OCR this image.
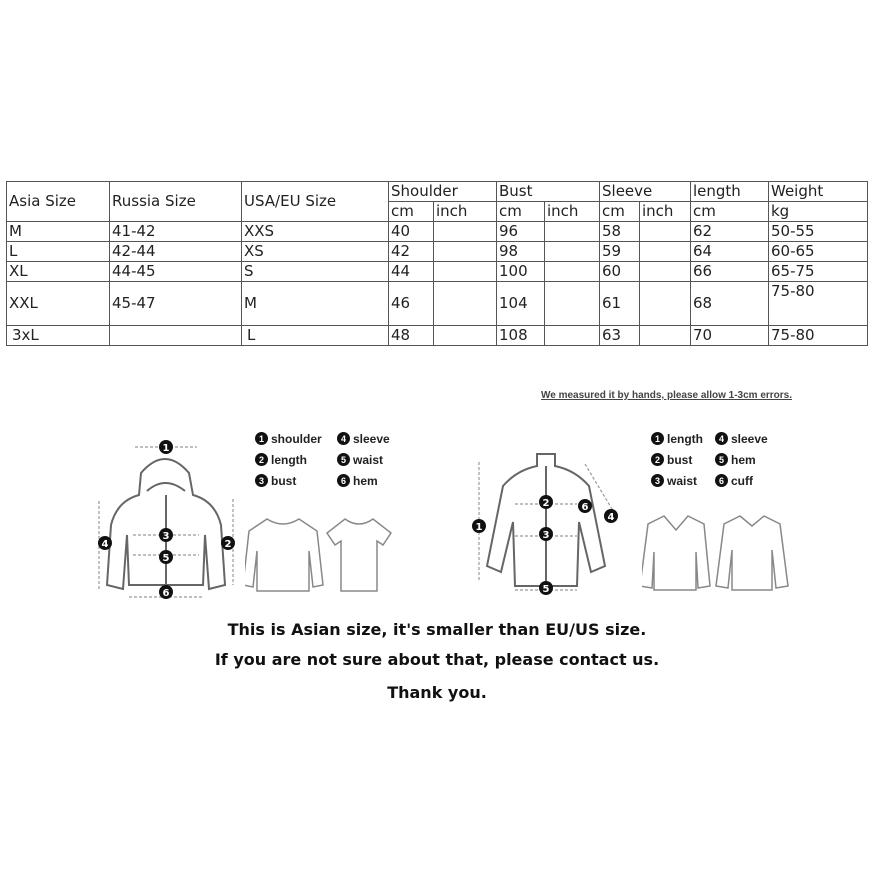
Asia Size	Russia Size	USA/EU Size	Shoulder		Bust		Sleeve		length	Weight
			cm	inch	cm	inch	cm	inch	cm	kg
M	41-42	XXS	40		96		58		62	50-55
L	42-44	XS	42		98		59		64	60-65
XL	44-45	S	44		100		60		66	65-75
XXL	45-47	M	46		104		61		68	75-80
3xL		L	48		108		63		70	75-80
We measured it by hands, please allow 1-3cm errors.
1
2
3
4
5
6
1 shoulder	4 sleeve
2 length	5 waist
3 bust	6 hem
1
2
3
4
6
5
1 length	4 sleeve
2 bust	5 hem
3 waist	6 cuff
This is Asian size, it's smaller than EU/US size.
If you are not sure about that, please contact us.
Thank you.
